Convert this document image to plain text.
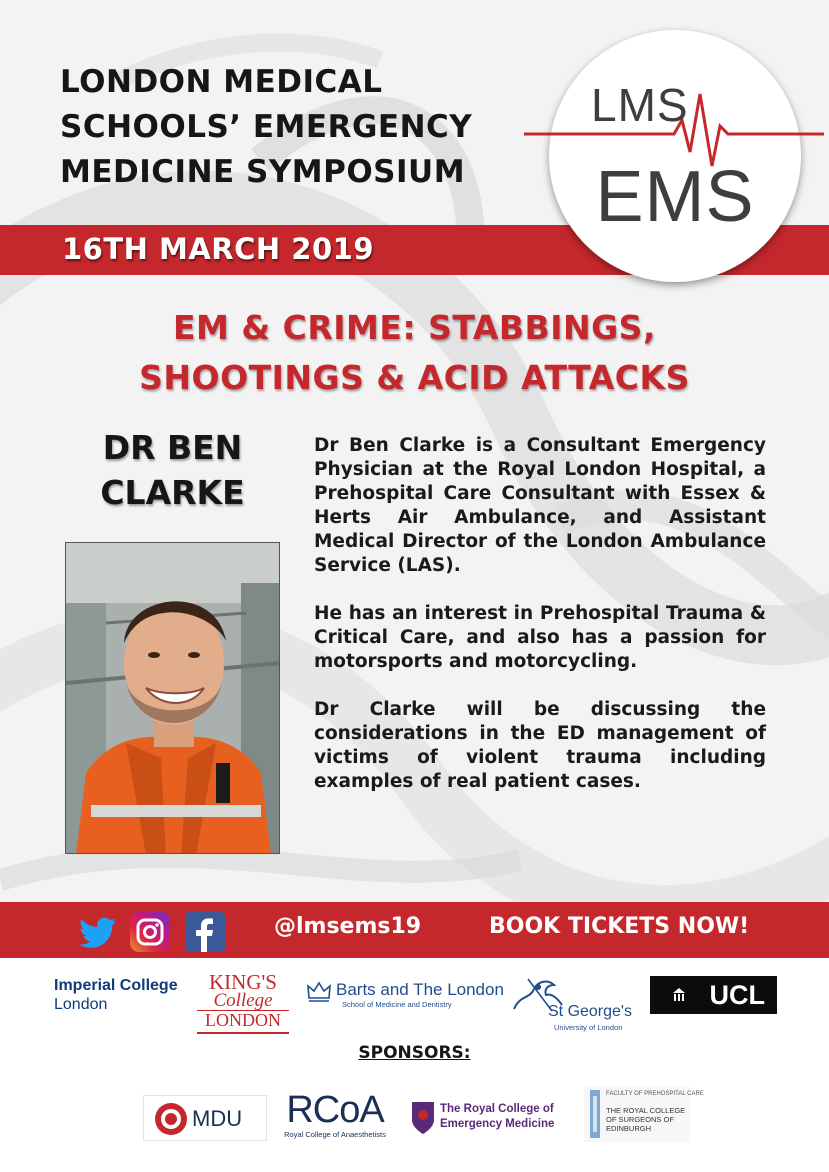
LONDON MEDICAL
SCHOOLS’ EMERGENCY
MEDICINE SYMPOSIUM
16TH MARCH 2019
LMS
EMS
EM & CRIME: STABBINGS,
SHOOTINGS & ACID ATTACKS
DR BEN
CLARKE

Dr Ben Clarke is a Consultant Emergency Physician at the Royal London Hospital, a Prehospital Care Consultant with Essex & Herts Air Ambulance, and Assistant Medical Director of the London Ambulance Service (LAS).

He has an interest in Prehospital Trauma & Critical Care, and also has a passion for motorsports and motorcycling.

Dr Clarke will be discussing the considerations in the ED management of victims of violent trauma including examples of real patient cases.

@lmsems19	BOOK TICKETS NOW!
Imperial College
London
KING'S
College
LONDON
Barts and The London
School of Medicine and Dentistry	St George's
University of London
UCL
SPONSORS:
MDU RCoA
Royal College of Anaesthetists
The Royal College of
Emergency Medicine
FACULTY OF PREHOSPITAL CARE
THE ROYAL COLLEGE
OF SURGEONS OF
EDINBURGH
